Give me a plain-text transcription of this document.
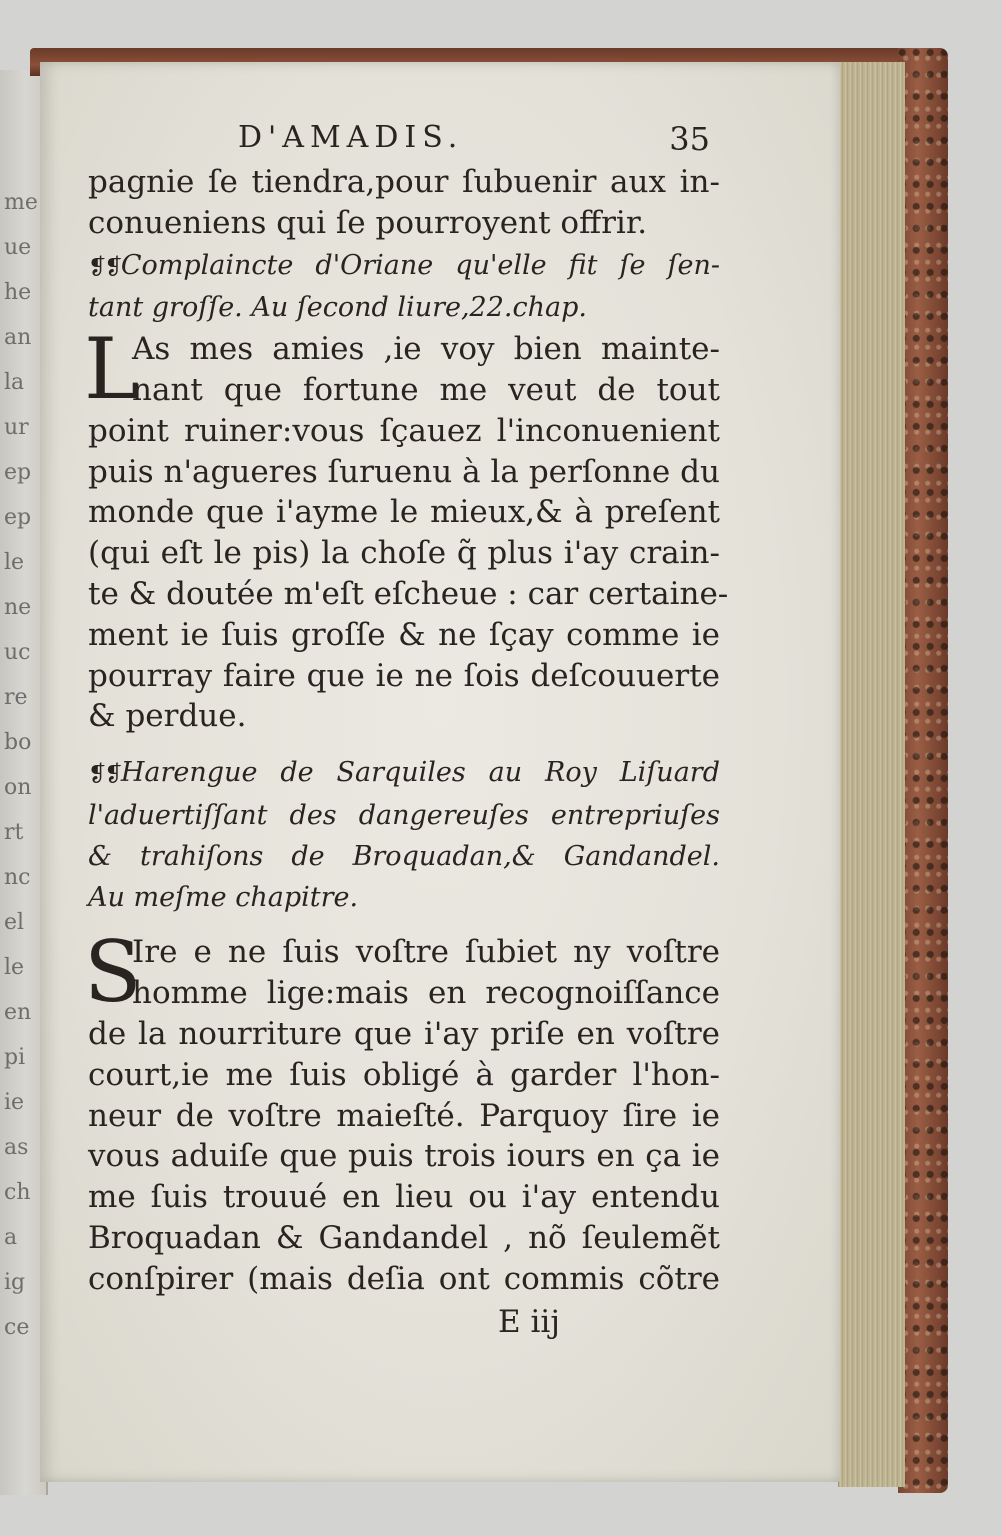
me
ue
he
an
la
ur
ep
ep
le
ne
uc
re
bo
on
rt
nc
el
le
en
pi
ie
as
ch
a
ig
ce
D'AMADIS.	35
pagnie ſe tiendra,pour ſubuenir aux in-
conueniens qui ſe pourroyent offrir.
❡❡Complaincte d'Oriane qu'elle fit ſe ſen-
tant groſſe. Au ſecond liure,22.chap.
L
As mes amies ,ie voy bien mainte-
nant que fortune me veut de tout
point ruiner:vous ſçauez l'inconuenient
puis n'agueres ſuruenu à la perſonne du
monde que i'ayme le mieux,& à preſent
(qui eſt le pis) la choſe q̃ plus i'ay crain-
te & doutée m'eſt eſcheue : car certaine-
ment ie ſuis groſſe & ne ſçay comme ie
pourray faire que ie ne ſois deſcouuerte
& perdue.
❡❡Harengue de Sarquiles au Roy Liſuard
l'aduertiſſant des dangereuſes entrepriuſes
& trahiſons de Broquadan,& Gandandel.
Au meſme chapitre.
S
Ire e ne ſuis voſtre ſubiet ny voſtre
homme lige:mais en recognoiſſance
de la nourriture que i'ay priſe en voſtre
court,ie me ſuis obligé à garder l'hon-
neur de voſtre maieſté. Parquoy ſire ie
vous aduiſe que puis trois iours en ça ie
me ſuis trouué en lieu ou i'ay entendu
Broquadan & Gandandel , nõ ſeulemẽt
conſpirer (mais deſia ont commis cõtre
E iij
